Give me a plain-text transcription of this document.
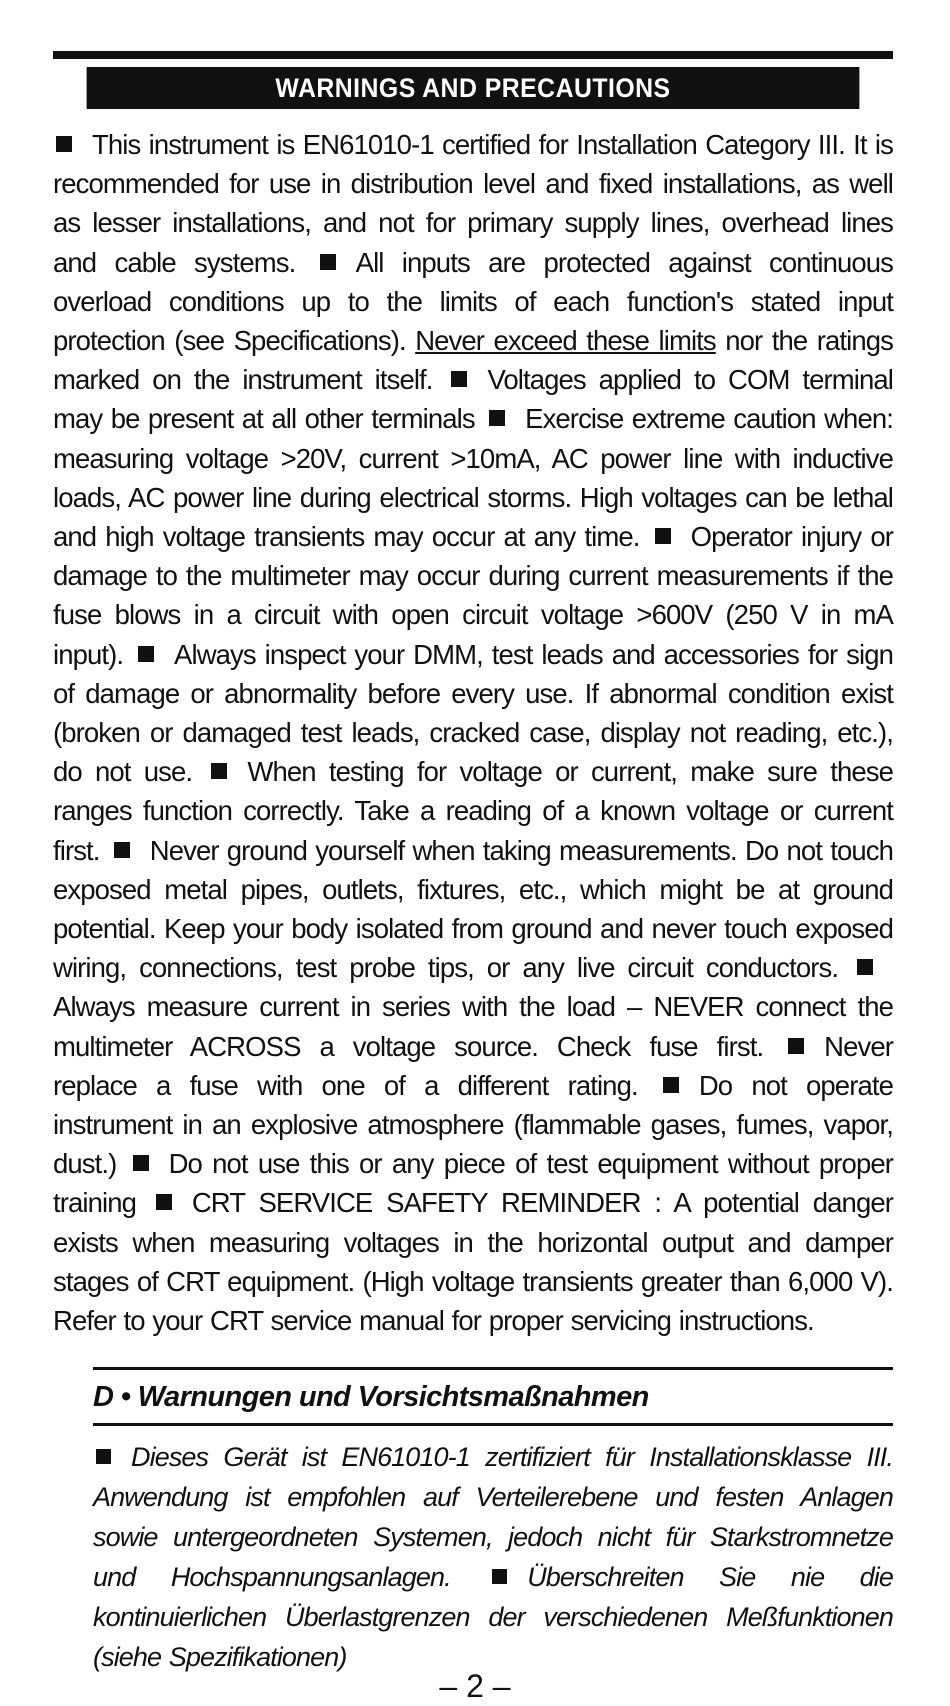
WARNINGS AND PRECAUTIONS
This instrument is EN61010-1 certified for Installation Category III. It is recommended for use in distribution level and fixed installations, as well as lesser installations, and not for primary supply lines, overhead lines and cable systems. All inputs are protected against continuous overload conditions up to the limits of each function's stated input protection (see Specifications). Never exceed these limits nor the ratings marked on the instrument itself. Voltages applied to COM terminal may be present at all other terminals Exercise extreme caution when: measuring voltage >20V, current >10mA, AC power line with inductive loads, AC power line during electrical storms. High voltages can be lethal and high voltage transients may occur at any time. Operator injury or damage to the multimeter may occur during current measurements if the fuse blows in a circuit with open circuit voltage >600V (250 V in mA input). Always inspect your DMM, test leads and accessories for sign of damage or abnormality before every use. If abnormal condition exist (broken or damaged test leads, cracked case, display not reading, etc.), do not use. When testing for voltage or current, make sure these ranges function correctly. Take a reading of a known voltage or current first. Never ground yourself when taking measurements. Do not touch exposed metal pipes, outlets, fixtures, etc., which might be at ground potential. Keep your body isolated from ground and never touch exposed wiring, connections, test probe tips, or any live circuit conductors. Always measure current in series with the load – NEVER connect the multimeter ACROSS a voltage source. Check fuse first. Never replace a fuse with one of a different rating. Do not operate instrument in an explosive atmosphere (flammable gases, fumes, vapor, dust.) Do not use this or any piece of test equipment without proper training CRT SERVICE SAFETY REMINDER : A potential danger exists when measuring voltages in the horizontal output and damper stages of CRT equipment. (High voltage transients greater than 6,000 V). Refer to your CRT service manual for proper servicing instructions.
D • Warnungen und Vorsichtsmaßnahmen
Dieses Gerät ist EN61010-1 zertifiziert für Installationsklasse III. Anwendung ist empfohlen auf Verteilerebene und festen Anlagen sowie untergeordneten Systemen, jedoch nicht für Starkstromnetze und Hochspannungsanlagen.	Überschreiten Sie nie die kontinuierlichen Überlastgrenzen der verschiedenen Meßfunktionen (siehe Spezifikationen)
– 2 –
